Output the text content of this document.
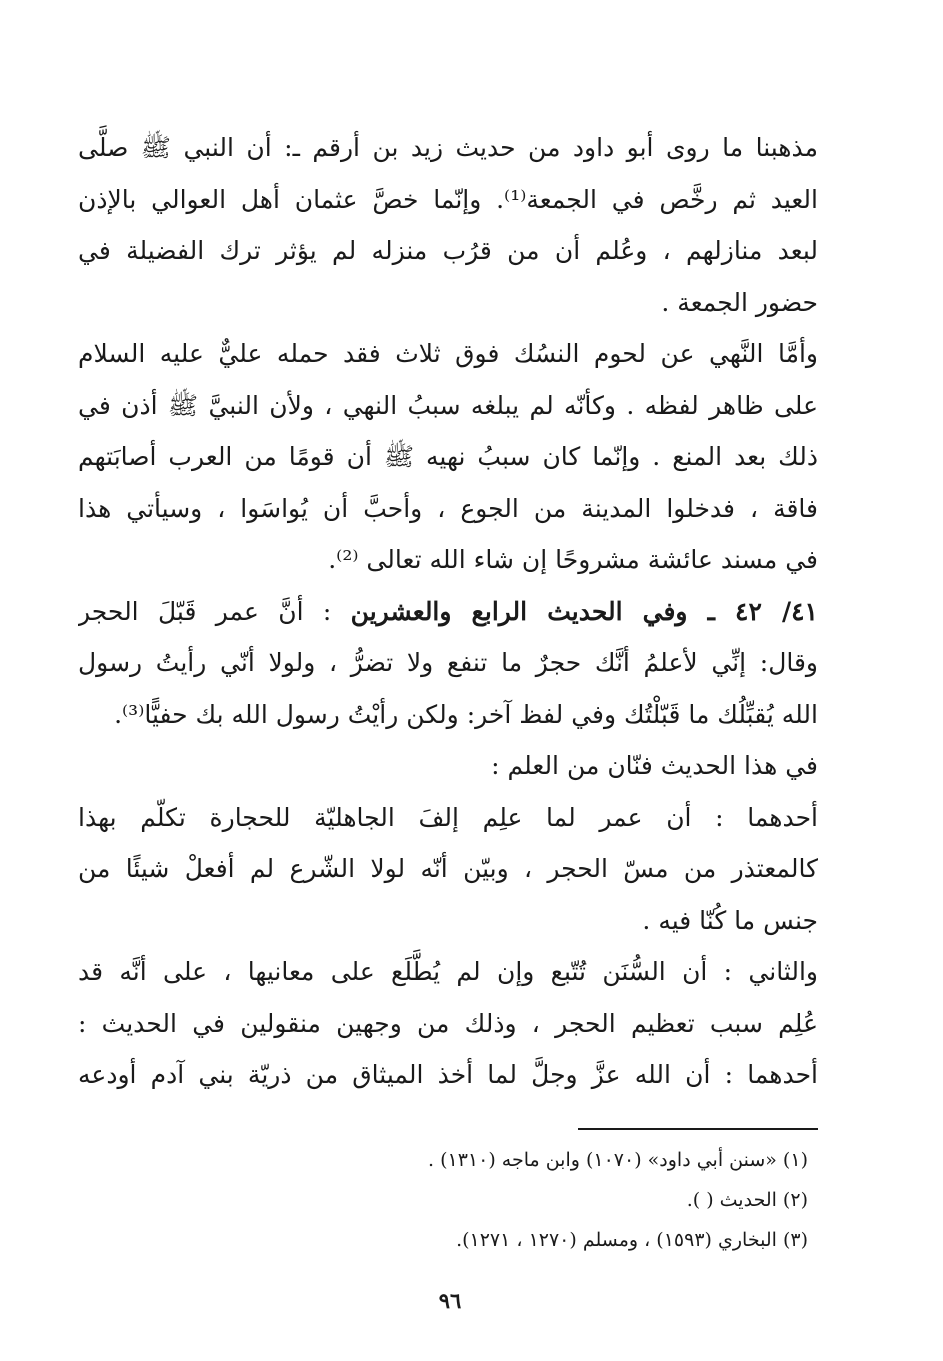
مذهبنا ما روى أبو داود من حديث زيد بن أرقم ـ: أن النبي ﷺ صلَّى
العيد ثم رخَّص في الجمعة⁽¹⁾. وإنّما خصَّ عثمان أهل العوالي بالإذن
لبعد منازلهم ، وعُلم أن من قرُب منزله لم يؤثر ترك الفضيلة في
حضور الجمعة .
وأمَّا النَّهي عن لحوم النسُك فوق ثلاث فقد حمله عليٌّ عليه السلام
على ظاهر لفظه . وكأنّه لم يبلغه سببُ النهي ، ولأن النبيَّ ﷺ أذن في
ذلك بعد المنع . وإنّما كان سببُ نهيه ﷺ أن قومًا من العرب أصابَتهم
فاقة ، فدخلوا المدينة من الجوع ، وأحبَّ أن يُواسَوا ، وسيأتي هذا
في مسند عائشة مشروحًا إن شاء الله تعالى ⁽²⁾.
٤١/ ٤٢ ـ وفي الحديث الرابع والعشرين : أنَّ عمر قَبّلَ الحجر
وقال: إنِّي لأعلمُ أنَّك حجرٌ ما تنفع ولا تضرُّ ، ولولا أنّي رأيتُ رسول
الله يُقبِّلُك ما قَبّلْتُك وفي لفظ آخر: ولكن رأيْتُ رسول الله بك حفيًّا⁽³⁾.
في هذا الحديث فنّان من العلم :
أحدهما : أن عمر لما علِم إلفَ الجاهليّة للحجارة تكلّم بهذا
كالمعتذر من مسّ الحجر ، وبيّن أنّه لولا الشّرع لم أفعلْ شيئًا من
جنس ما كُنّا فيه .
والثاني : أن السُّنَن تُتّبع وإن لم يُطَّلَع على معانيها ، على أنَّه قد
عُلِم سبب تعظيم الحجر ، وذلك من وجهين منقولين في الحديث :
أحدهما : أن الله عزَّ وجلَّ لما أخذ الميثاق من ذريّة بني آدم أودعه
(١) «سنن أبي داود» (١٠٧٠) وابن ماجه (١٣١٠) .
(٢) الحديث ( ).
(٣) البخاري (١٥٩٣) ، ومسلم (١٢٧٠ ، ١٢٧١).
٩٦
